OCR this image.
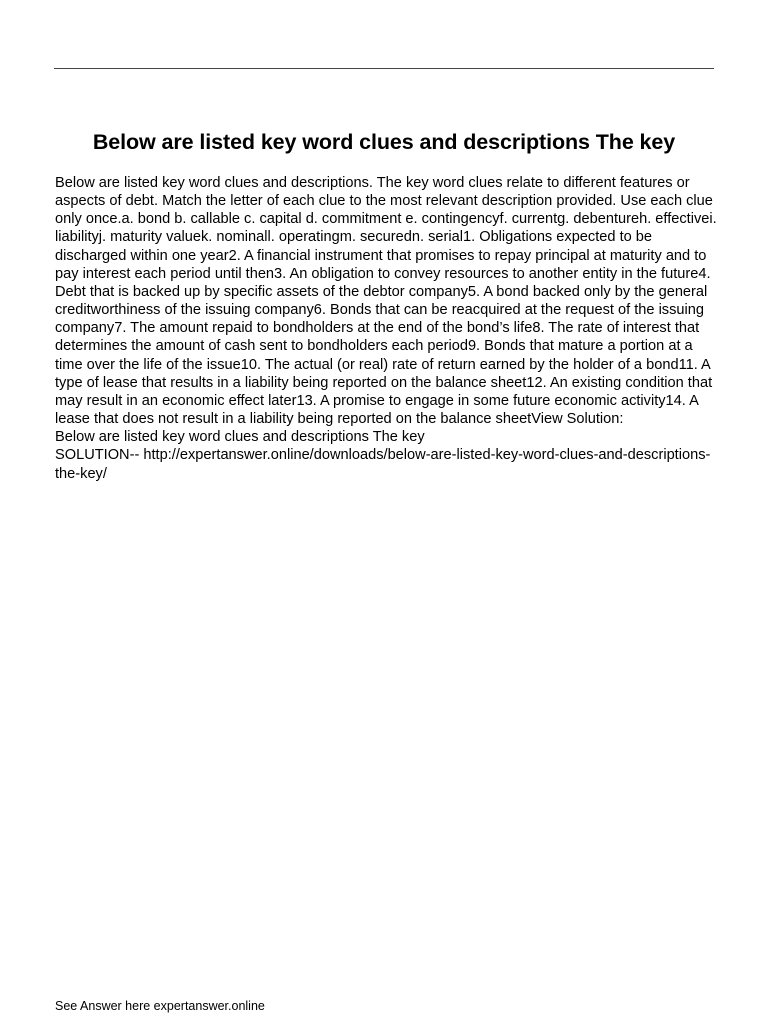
Below are listed key word clues and descriptions The key

Below are listed key word clues and descriptions. The key word clues relate to different features or aspects of debt. Match the letter of each clue to the most relevant description provided. Use each clue only once.a. bond b. callable c. capital d. commitment e. contingencyf. currentg. debentureh. effectivei. liabilityj. maturity valuek. nominall. operatingm. securedn. serial1. Obligations expected to be discharged within one year2. A financial instrument that promises to repay principal at maturity and to pay interest each period until then3. An obligation to convey resources to another entity in the future4. Debt that is backed up by specific assets of the debtor company5. A bond backed only by the general creditworthiness of the issuing company6. Bonds that can be reacquired at the request of the issuing company7. The amount repaid to bondholders at the end of the bond’s life8. The rate of interest that determines the amount of cash sent to bondholders each period9. Bonds that mature a portion at a time over the life of the issue10. The actual (or real) rate of return earned by the holder of a bond11. A type of lease that results in a liability being reported on the balance sheet12. An existing condition that may result in an economic effect later13. A promise to engage in some future economic activity14. A lease that does not result in a liability being reported on the balance sheetView Solution:

Below are listed key word clues and descriptions The key

SOLUTION-- http://expertanswer.online/downloads/below-are-listed-key-word-clues-and-descriptions-the-key/

See Answer here expertanswer.online
